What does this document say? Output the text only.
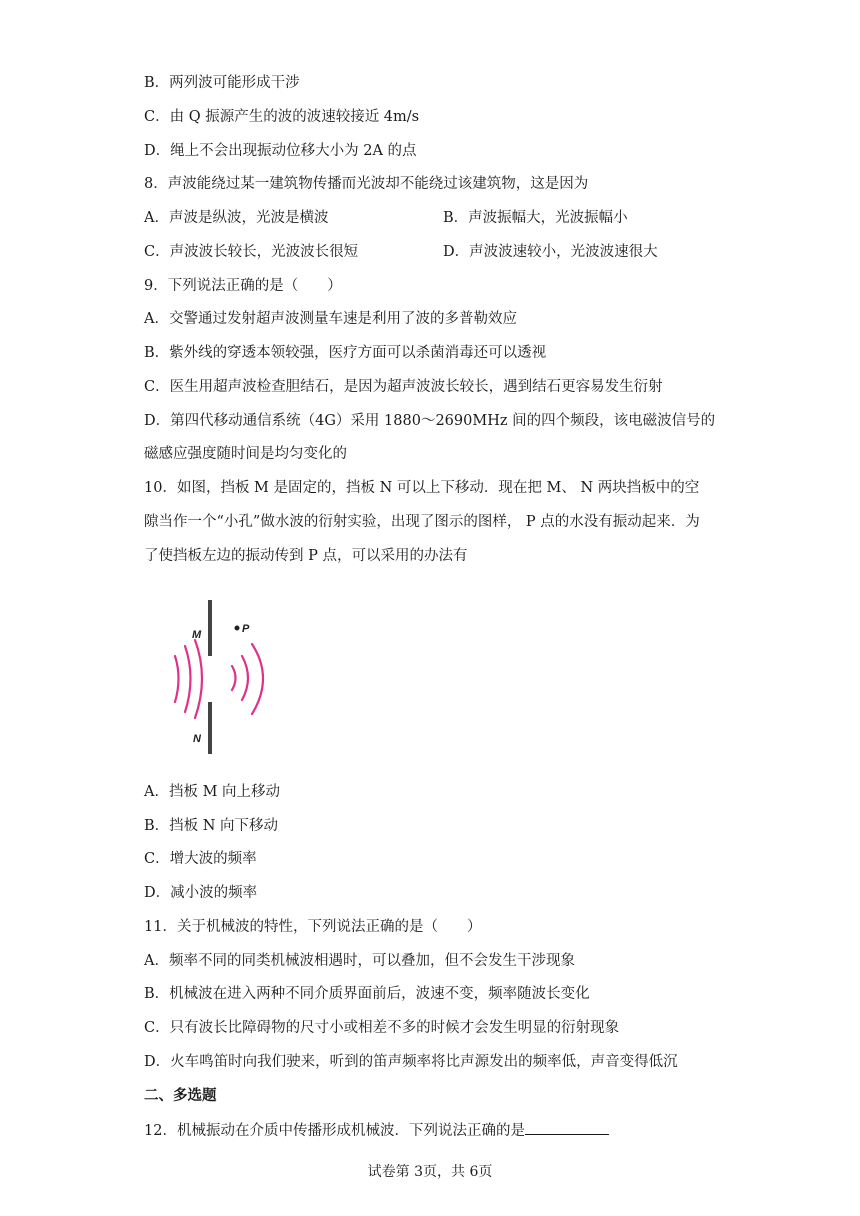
B．两列波可能形成干涉
C．由 Q 振源产生的波的波速较接近 4m/s
D．绳上不会出现振动位移大小为 2A 的点
8．声波能绕过某一建筑物传播而光波却不能绕过该建筑物，这是因为
A．声波是纵波，光波是横波	B．声波振幅大，光波振幅小
C．声波波长较长，光波波长很短	D．声波波速较小，光波波速很大
9．下列说法正确的是（　　）
A．交警通过发射超声波测量车速是利用了波的多普勒效应
B．紫外线的穿透本领较强，医疗方面可以杀菌消毒还可以透视
C．医生用超声波检查胆结石，是因为超声波波长较长，遇到结石更容易发生衍射
D．第四代移动通信系统（4G）采用 1880～2690MHz 间的四个频段，该电磁波信号的
磁感应强度随时间是均匀变化的
10．如图，挡板 M 是固定的，挡板 N 可以上下移动．现在把 M、 N 两块挡板中的空
隙当作一个“小孔”做水波的衍射实验，出现了图示的图样， P 点的水没有振动起来．为
了使挡板左边的振动传到 P 点，可以采用的办法有
M
N
P
A．挡板 M 向上移动
B．挡板 N 向下移动
C．增大波的频率
D．减小波的频率
11．关于机械波的特性，下列说法正确的是（　　）
A．频率不同的同类机械波相遇时，可以叠加，但不会发生干涉现象
B．机械波在进入两种不同介质界面前后，波速不变，频率随波长变化
C．只有波长比障碍物的尺寸小或相差不多的时候才会发生明显的衍射现象
D．火车鸣笛时向我们驶来，听到的笛声频率将比声源发出的频率低，声音变得低沉
二、多选题
12．机械振动在介质中传播形成机械波．下列说法正确的是
试卷第 3页，共 6页
